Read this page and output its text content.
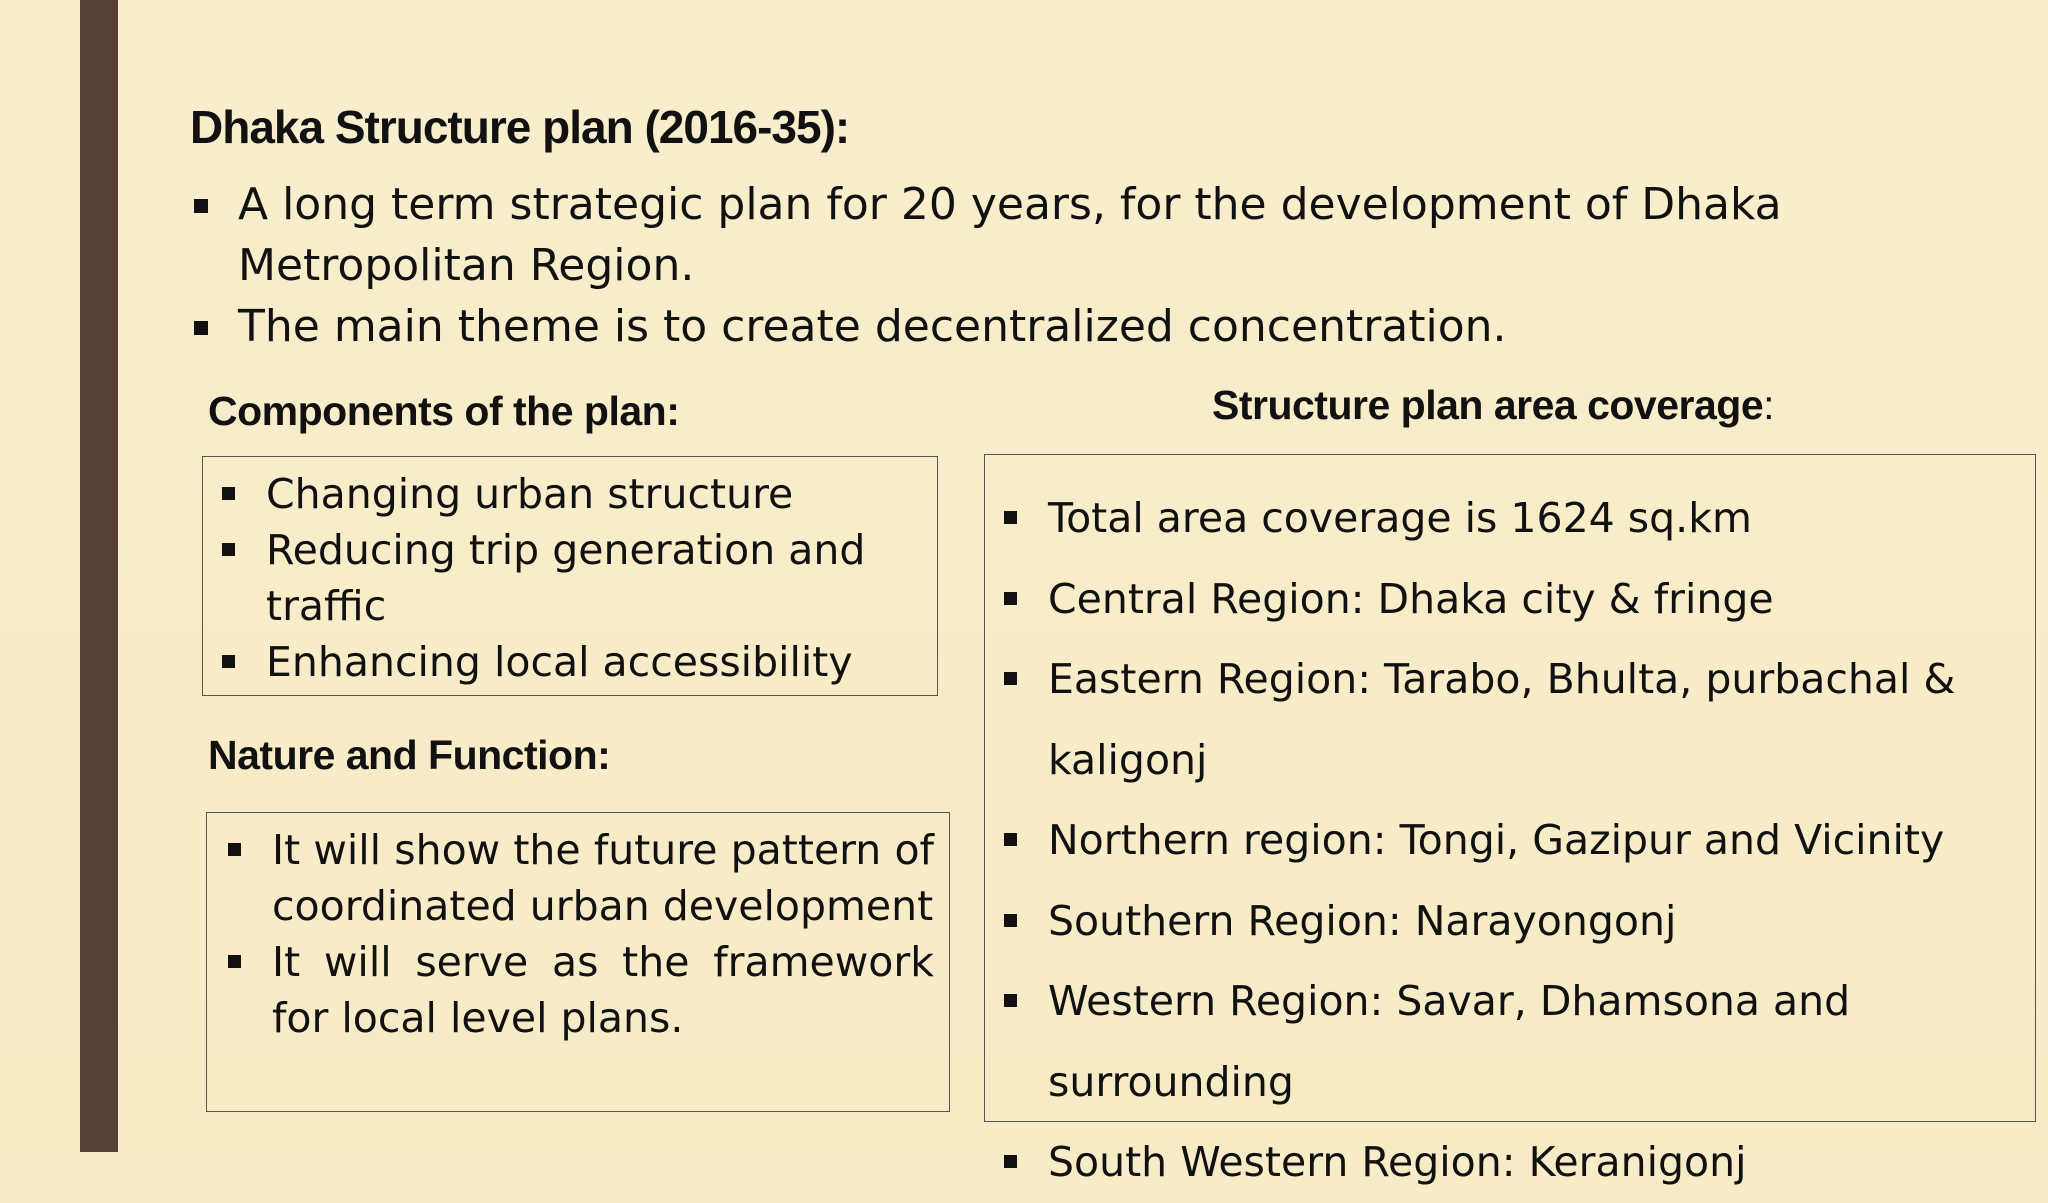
Dhaka Structure plan (2016-35):
A long term strategic plan for 20 years, for the development of Dhaka Metropolitan Region.
The main theme is to create decentralized concentration.
Components of the plan:
Changing urban structure
Reducing trip generation and traffic
Enhancing local accessibility
Nature and Function:
It will show the future pattern of coordinated urban development
It will serve as the framework for local level plans.
Structure plan area coverage:
Total area coverage is 1624 sq.km
Central Region: Dhaka city & fringe
Eastern Region: Tarabo, Bhulta, purbachal & kaligonj
Northern region: Tongi, Gazipur and Vicinity
Southern Region: Narayongonj
Western Region: Savar, Dhamsona and surrounding
South Western Region: Keranigonj
